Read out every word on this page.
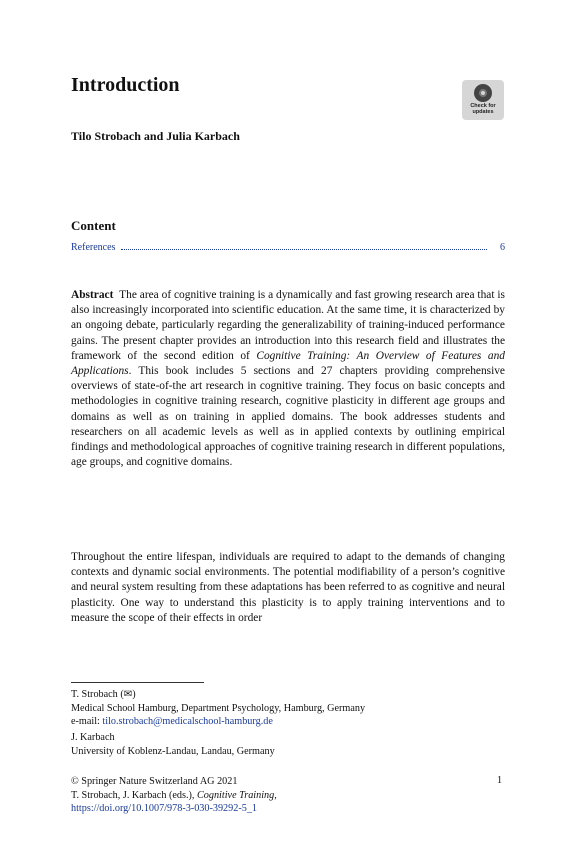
Introduction
Check for
updates
Tilo Strobach and Julia Karbach
Content
References	6
Abstract The area of cognitive training is a dynamically and fast growing research area that is also increasingly incorporated into scientific education. At the same time, it is characterized by an ongoing debate, particularly regarding the generalizability of training-induced performance gains. The present chapter provides an introduction into this research field and illustrates the framework of the second edition of Cognitive Training: An Overview of Features and Applications. This book includes 5 sections and 27 chapters providing comprehensive overviews of state-of-the art research in cognitive training. They focus on basic concepts and methodologies in cognitive training research, cognitive plasticity in different age groups and domains as well as on training in applied domains. The book addresses students and researchers on all academic levels as well as in applied contexts by outlining empirical findings and methodological approaches of cognitive training research in different populations, age groups, and cognitive domains.
Throughout the entire lifespan, individuals are required to adapt to the demands of changing contexts and dynamic social environments. The potential modifiability of a person’s cognitive and neural system resulting from these adaptations has been referred to as cognitive and neural plasticity. One way to understand this plasticity is to apply training interventions and to measure the scope of their effects in order
T. Strobach (✉)
Medical School Hamburg, Department Psychology, Hamburg, Germany
e-mail: tilo.strobach@medicalschool-hamburg.de
J. Karbach
University of Koblenz-Landau, Landau, Germany
© Springer Nature Switzerland AG 2021
T. Strobach, J. Karbach (eds.), Cognitive Training,
https://doi.org/10.1007/978-3-030-39292-5_1
1
